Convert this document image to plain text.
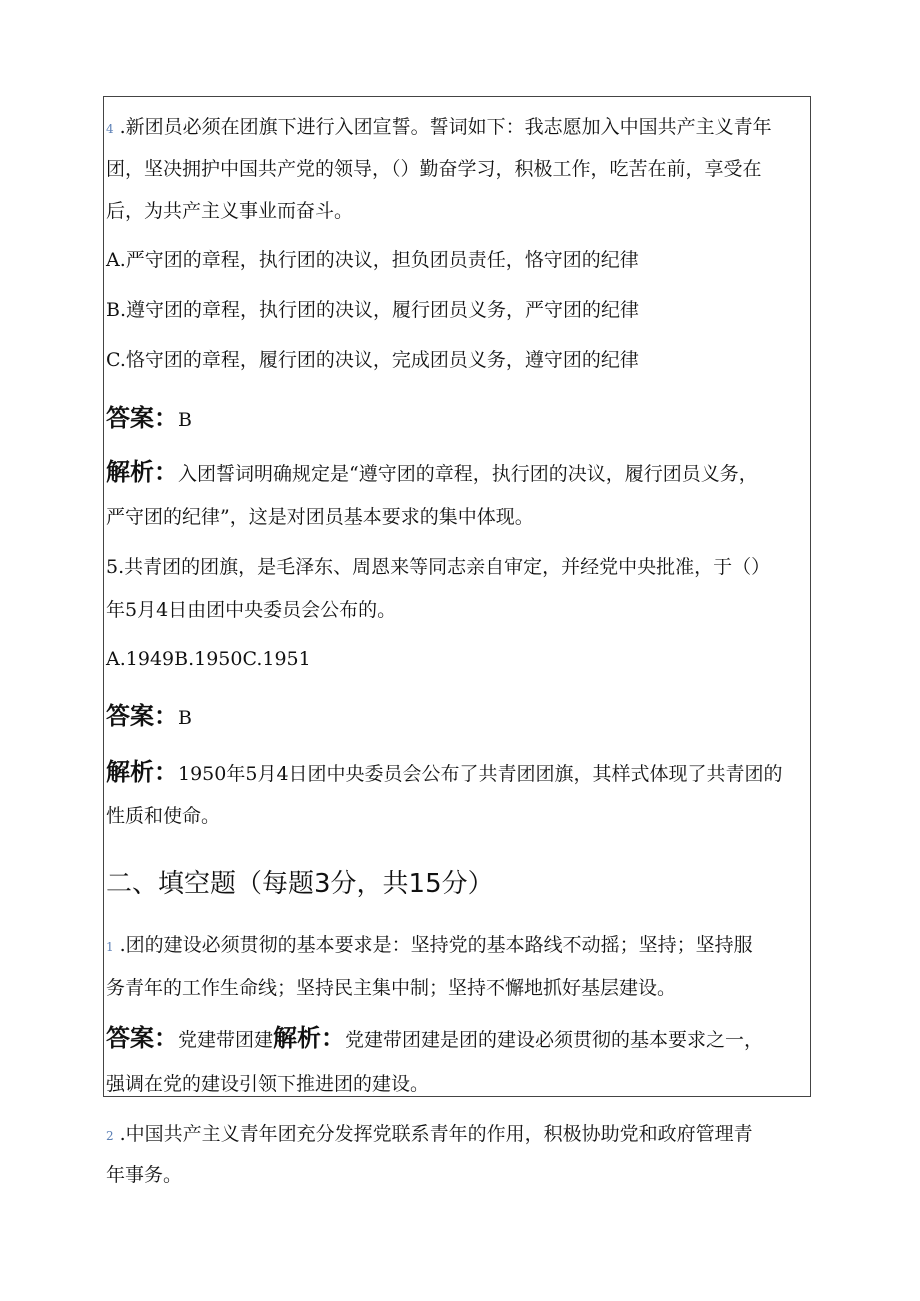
4 .新团员必须在团旗下进行入团宣誓。誓词如下：我志愿加入中国共产主义青年
团，坚决拥护中国共产党的领导，（）勤奋学习，积极工作，吃苦在前，享受在
后，为共产主义事业而奋斗。
A.严守团的章程，执行团的决议，担负团员责任，恪守团的纪律
B.遵守团的章程，执行团的决议，履行团员义务，严守团的纪律
C.恪守团的章程，履行团的决议，完成团员义务，遵守团的纪律
答案：B
解析：入团誓词明确规定是“遵守团的章程，执行团的决议，履行团员义务，
严守团的纪律”，这是对团员基本要求的集中体现。
5.共青团的团旗，是毛泽东、周恩来等同志亲自审定，并经党中央批准，于（）
年5月4日由团中央委员会公布的。
A.1949B.1950C.1951
答案：B
解析：1950年5月4日团中央委员会公布了共青团团旗，其样式体现了共青团的
性质和使命。
二、填空题（每题3分，共15分）
1 .团的建设必须贯彻的基本要求是：坚持党的基本路线不动摇；坚持；坚持服
务青年的工作生命线；坚持民主集中制；坚持不懈地抓好基层建设。
答案：党建带团建解析：党建带团建是团的建设必须贯彻的基本要求之一，
强调在党的建设引领下推进团的建设。
2 .中国共产主义青年团充分发挥党联系青年的作用，积极协助党和政府管理青
年事务。
